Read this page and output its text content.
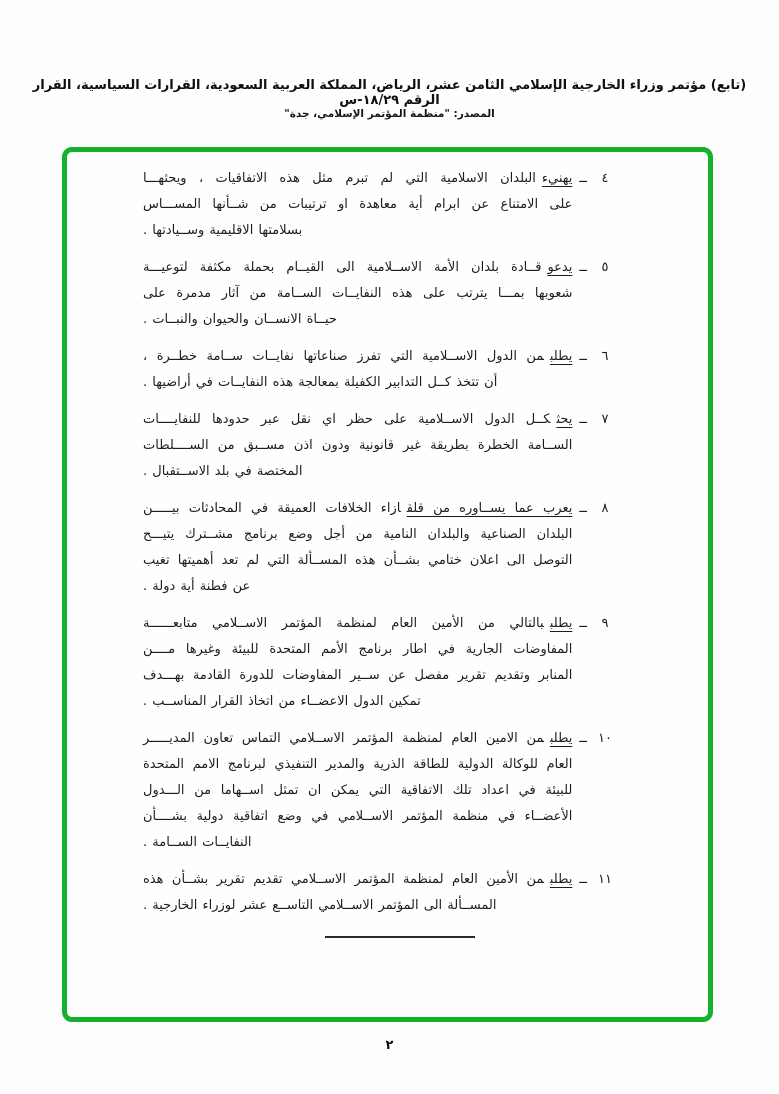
(تابع) مؤتمر وزراء الخارجية الإسلامي الثامن عشر، الرياض، المملكة العربية السعودية، القرارات السياسية، القرار الرقم ١٨/٢٩-س
المصدر: "منظمة المؤتمر الإسلامي، جدة"
٤
ــ
يهنيءالبلدان الاسلامية التي لم تبرم مثل هذه الاتفاقيات ، ويحثهـــا
على الامتناع عن ابرام أية معاهدة او ترتيبات من شــأنها المســـاس
بسلامتها الاقليمية وســيادتها .
٥
ــ
يدعوقــادة بلدان الأمة الاســلامية الى القيــام بحملة مكثفة لتوعيـــة
شعوبها بمـــا يترتب على هذه النفايــات الســامة من آثار مدمرة على
حيــاة الانســان والحيوان والنبــات .
٦
ــ
يطلبمن الدول الاســلامية التي تفرز صناعاتها نفايــات ســامة خطــرة ،
أن تتخذ كــل التدابير الكفيلة بمعالجة هذه النفايــات في أراضيها .
٧
ــ
يحثكــل الدول الاســلامية على حظر اي نقل عبر حدودها للنفايــــات
الســامة الخطرة بطريقة غير قانونية ودون اذن مســبق من الســــلطات
المختصة في بلد الاســتقبال .
٨
ــ
يعرب عما يســاوره من قلقازاء الخلافات العميقة في المحادثات بيـــــن
البلدان الصناعية والبلدان النامية من أجل وضع برنامج مشــترك يتيـــح
التوصل الى اعلان ختامي بشــأن هذه المســألة التي لم تعد أهميتها تغيب
عن فطنة أية دولة .
٩
ــ
يطلببالتالي من الأمين العام لمنظمة المؤتمر الاســلامي متابعــــــة
المفاوضات الجارية في اطار برنامج الأمم المتحدة للبيئة وغيرها مــــن
المنابر وتقديم تقرير مفصل عن ســير المفاوضات للدورة القادمة بهـــدف
تمكين الدول الاعضــاء من اتخاذ القرار المناســب .
١٠
ــ
يطلبمن الامين العام لمنظمة المؤتمر الاســلامي التماس تعاون المديـــــر
العام للوكالة الدولية للطاقة الذرية والمدير التنفيذي لبرنامج الامم المتحدة
للبيئة في اعداد تلك الاتفاقية التي يمكن ان تمثل اســهاما من الـــدول
الأعضــاء في منظمة المؤتمر الاســلامي في وضع اتفاقية دولية بشــــأن
النفايــات الســامة .
١١
ــ
يطلبمن الأمين العام لمنظمة المؤتمر الاســلامي تقديم تقرير بشــأن هذه
المســألة الى المؤتمر الاســلامي التاســع عشر لوزراء الخارجية .
٢
